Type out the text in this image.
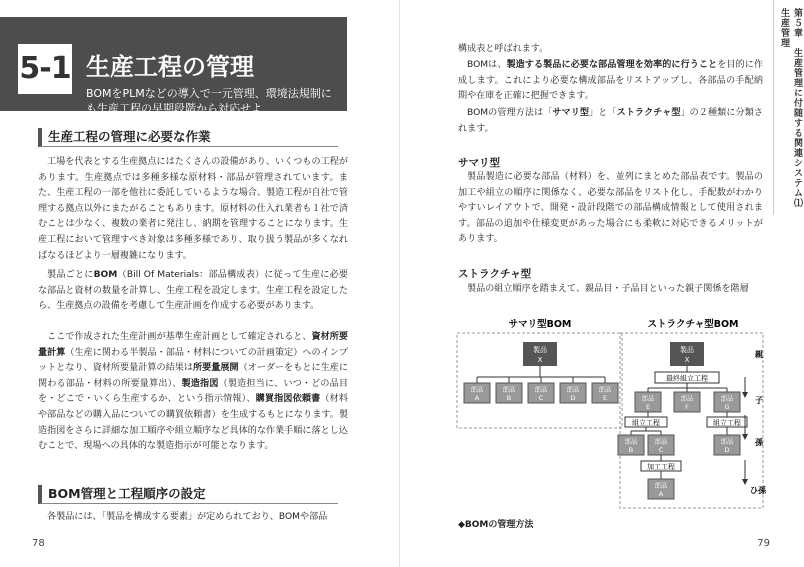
5-1 生産工程の管理
BOMをPLMなどの導入で一元管理、環境法規制にも生産工程の早期段階から対応せよ
生産工程の管理に必要な作業

工場を代表とする生産拠点にはたくさんの設備があり、いくつもの工程があります。生産拠点では多種多様な原材料・部品が管理されています。また、生産工程の一部を他社に委託しているような場合、製造工程が自社で管理する拠点以外にまたがることもあります。原材料の仕入れ業者も１社で済むことは少なく、複数の業者に発注し、納期を管理することになります。生産工程において管理すべき対象は多種多様であり、取り扱う製品が多くなればなるほどより一層複雑になります。

製品ごとにBOM（Bill Of Materials：部品構成表）に従って生産に必要な部品と資材の数量を計算し、生産工程を設定します。生産工程を設定したら、生産拠点の設備を考慮して生産計画を作成する必要があります。

ここで作成された生産計画が基準生産計画として確定されると、資材所要量計算（生産に関わる半製品・部品・材料についての計画策定）へのインプットとなり、資材所要量計算の結果は所要量展開（オーダーをもとに生産に関わる部品・材料の所要量算出）、製造指図（製造担当に、いつ・どの品目を・どこで・いくら生産するか、という指示情報）、購買指図依頼書（材料や部品などの購入品についての購買依頼書）を生成するもとになります。製造指図をさらに詳細な加工順序や組立順序など具体的な作業手順に落とし込むことで、現場への具体的な製造指示が可能となります。

BOM管理と工程順序の設定

各製品には、「製品を構成する要素」が定められており、BOMや部品

78
第５章　生産管理に付随する関連システム⑴　生産管理

構成表と呼ばれます。

BOMは、製造する製品に必要な部品管理を効率的に行うことを目的に作成します。これにより必要な構成部品をリストアップし、各部品の手配納期や在庫を正確に把握できます。

BOMの管理方法は「サマリ型」と「ストラクチャ型」の２種類に分類されます。

サマリ型

製品製造に必要な部品（材料）を、並列にまとめた部品表です。製品の加工や組立の順序に関係なく、必要な部品をリスト化し、手配数がわかりやすいレイアウトで、開発・設計段階での部品構成情報として使用されます。部品の追加や仕様変更があった場合にも柔軟に対応できるメリットがあります。

ストラクチャ型

製品の組立順序を踏まえて、親品目・子品目といった親子関係を階層

サマリ型BOM
製品
X
部品
A
部品
B
部品
C
部品
D
部品
E
ストラクチャ型BOM
製品
X
親
最終組立工程
部品
E
部品
F
部品
G
子
組立工程	組立工程
部品
B
部品
C
部品
D
孫
加工工程
部品
A	ひ孫
◆BOMの管理方法
79
